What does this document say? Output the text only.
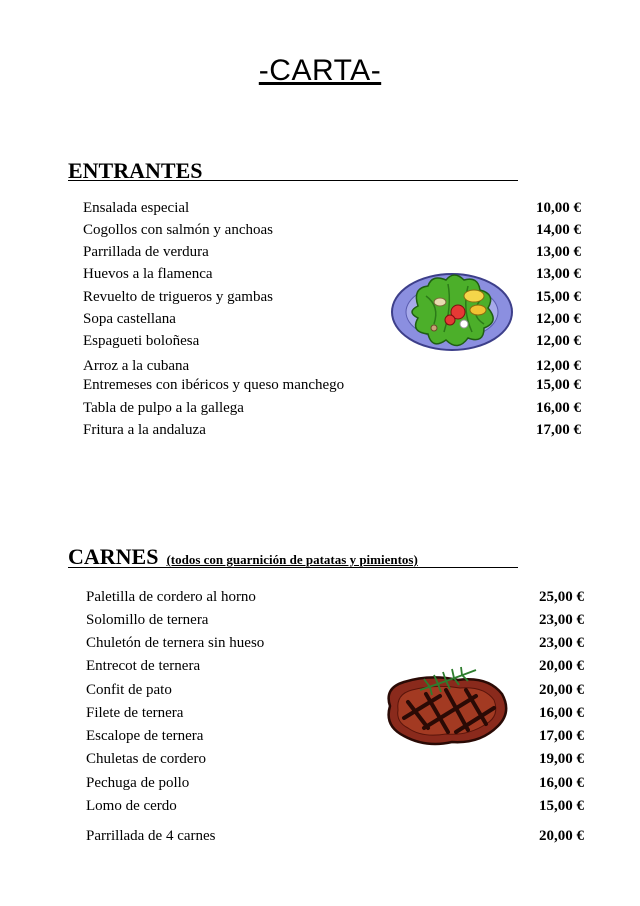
-CARTA-
ENTRANTES
Ensalada especial	10,00 €
Cogollos con salmón y anchoas	14,00 €
Parrillada de verdura	13,00 €
Huevos a la flamenca	13,00 €
Revuelto de trigueros y gambas	15,00 €
Sopa castellana	12,00 €
Espagueti boloñesa	12,00 €
Arroz a la cubana	12,00 €
Entremeses con ibéricos y queso manchego	15,00 €
Tabla de pulpo a la gallega	16,00 €
Fritura a la andaluza	17,00 €
CARNES (todos con guarnición de patatas y pimientos)
Paletilla de cordero al horno	25,00 €
Solomillo de ternera	23,00 €
Chuletón de ternera sin hueso	23,00 €
Entrecot de ternera	20,00 €
Confit de pato	20,00 €
Filete de ternera	16,00 €
Escalope de ternera	17,00 €
Chuletas de cordero	19,00 €
Pechuga de pollo	16,00 €
Lomo de cerdo	15,00 €
Parrillada de 4 carnes	20,00 €
